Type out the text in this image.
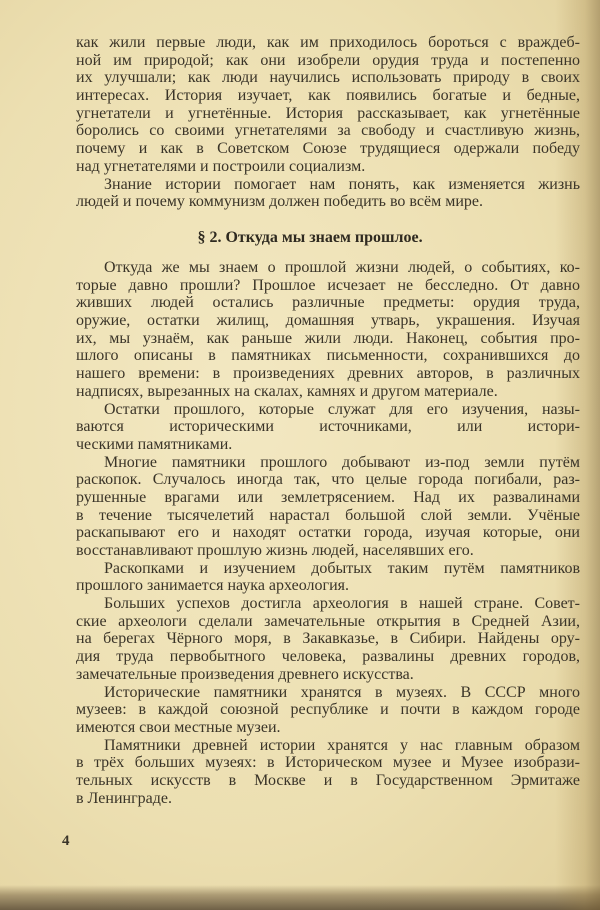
как жили первые люди, как им приходилось бороться с враждеб-
ной им природой; как они изобрели орудия труда и постепенно
их улучшали; как люди научились использовать природу в своих
интересах. История изучает, как появились богатые и бедные,
угнетатели и угнетённые. История рассказывает, как угнетённые
боролись со своими угнетателями за свободу и счастливую жизнь,
почему и как в Советском Союзе трудящиеся одержали победу
над угнетателями и построили социализм.
Знание истории помогает нам понять, как изменяется жизнь
людей и почему коммунизм должен победить во всём мире.
§ 2. Откуда мы знаем прошлое.
Откуда же мы знаем о прошлой жизни людей, о событиях, ко-
торые давно прошли? Прошлое исчезает не бесследно. От давно
живших людей остались различные предметы: орудия труда,
оружие, остатки жилищ, домашняя утварь, украшения. Изучая
их, мы узнаём, как раньше жили люди. Наконец, события про-
шлого описаны в памятниках письменности, сохранившихся до
нашего времени: в произведениях древних авторов, в различных
надписях, вырезанных на скалах, камнях и другом материале.
Остатки прошлого, которые служат для его изучения, назы-
ваются историческими источниками, или истори-
ческими памятниками.
Многие памятники прошлого добывают из-под земли путём
раскопок. Случалось иногда так, что целые города погибали, раз-
рушенные врагами или землетрясением. Над их развалинами
в течение тысячелетий нарастал большой слой земли. Учёные
раскапывают его и находят остатки города, изучая которые, они
восстанавливают прошлую жизнь людей, населявших его.
Раскопками и изучением добытых таким путём памятников
прошлого занимается наука археология.
Больших успехов достигла археология в нашей стране. Совет-
ские археологи сделали замечательные открытия в Средней Азии,
на берегах Чёрного моря, в Закавказье, в Сибири. Найдены ору-
дия труда первобытного человека, развалины древних городов,
замечательные произведения древнего искусства.
Исторические памятники хранятся в музеях. В СССР много
музеев: в каждой союзной республике и почти в каждом городе
имеются свои местные музеи.
Памятники древней истории хранятся у нас главным образом
в трёх больших музеях: в Историческом музее и Музее изобрази-
тельных искусств в Москве и в Государственном Эрмитаже
в Ленинграде.
4
